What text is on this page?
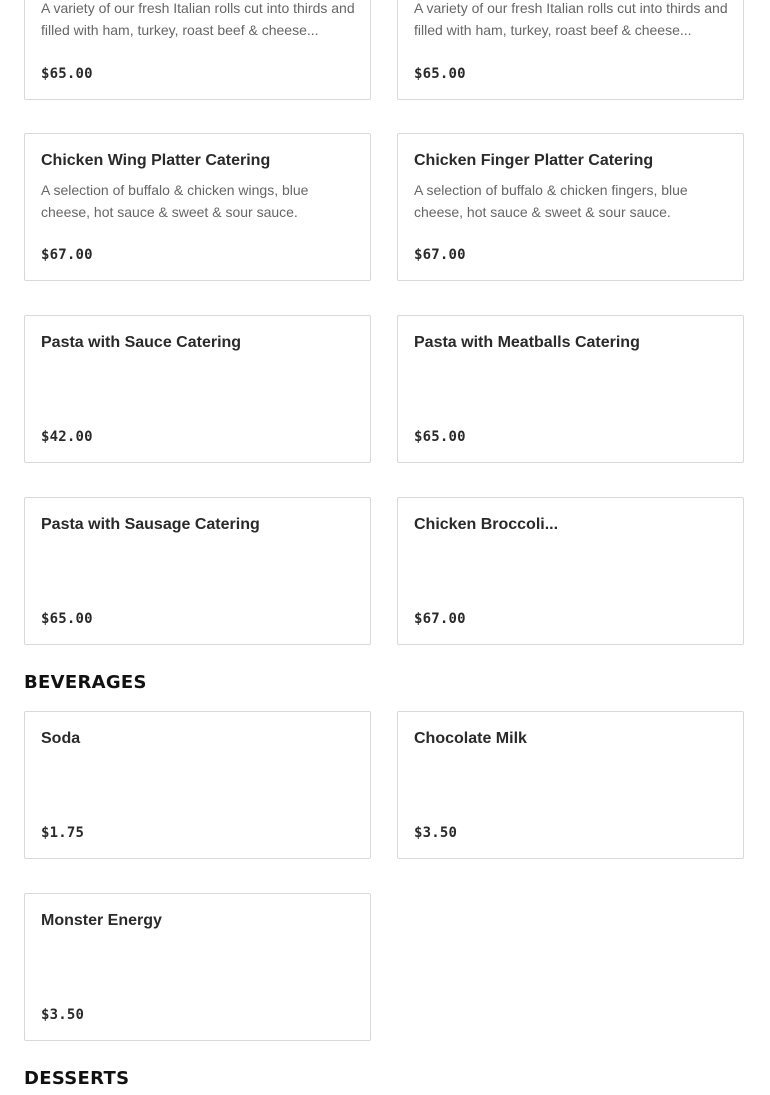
A variety of our fresh Italian rolls cut into thirds and filled with ham, turkey, roast beef & cheese...
$65.00
A variety of our fresh Italian rolls cut into thirds and filled with ham, turkey, roast beef & cheese...
$65.00
Chicken Wing Platter Catering
A selection of buffalo & chicken wings, blue cheese, hot sauce & sweet & sour sauce.
$67.00
Chicken Finger Platter Catering
A selection of buffalo & chicken fingers, blue cheese, hot sauce & sweet & sour sauce.
$67.00
Pasta with Sauce Catering
$42.00
Pasta with Meatballs Catering
$65.00
Pasta with Sausage Catering
$65.00
Chicken Broccoli...
$67.00
BEVERAGES
Soda
$1.75
Chocolate Milk
$3.50
Monster Energy
$3.50
DESSERTS
